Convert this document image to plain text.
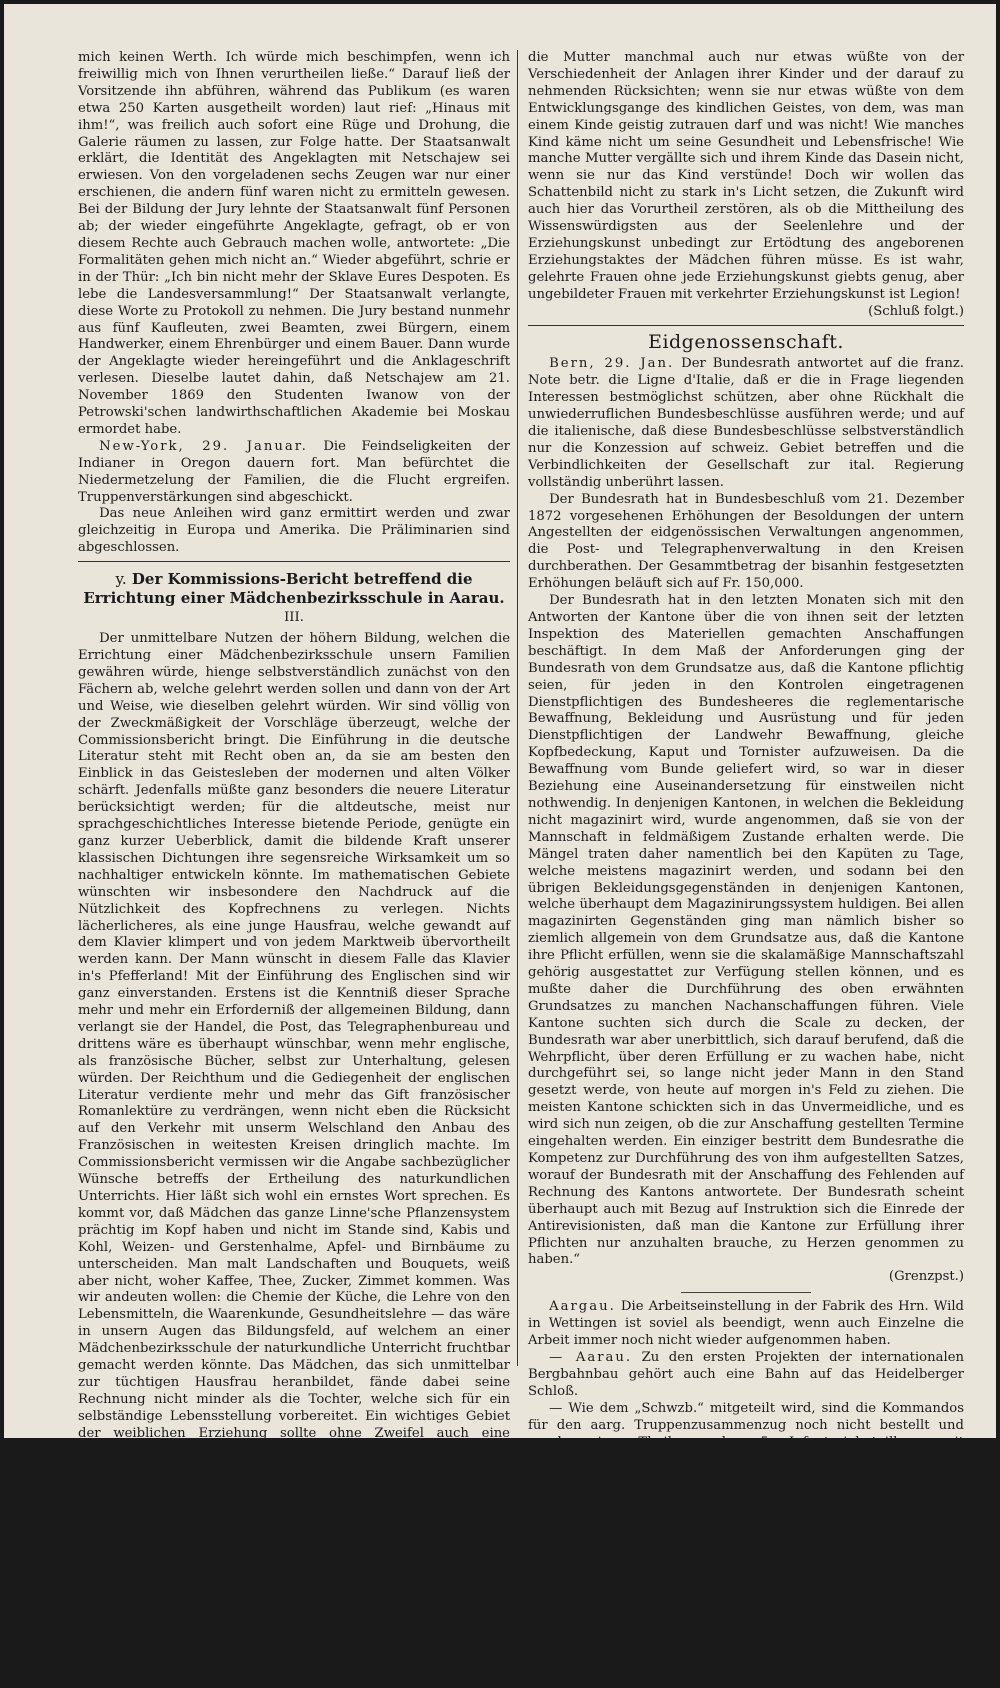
mich keinen Werth. Ich würde mich beschimpfen, wenn ich freiwillig mich von Ihnen verurtheilen ließe.“ Darauf ließ der Vorsitzende ihn abführen, während das Publikum (es waren etwa 250 Karten ausgetheilt worden) laut rief: „Hinaus mit ihm!“, was freilich auch sofort eine Rüge und Drohung, die Galerie räumen zu lassen, zur Folge hatte. Der Staatsanwalt erklärt, die Identität des Angeklagten mit Netschajew sei erwiesen. Von den vorgeladenen sechs Zeugen war nur einer erschienen, die andern fünf waren nicht zu ermitteln gewesen. Bei der Bildung der Jury lehnte der Staatsanwalt fünf Personen ab; der wieder eingeführte Angeklagte, gefragt, ob er von diesem Rechte auch Gebrauch machen wolle, antwortete: „Die Formalitäten gehen mich nicht an.“ Wieder abgeführt, schrie er in der Thür: „Ich bin nicht mehr der Sklave Eures Despoten. Es lebe die Landesversammlung!“ Der Staatsanwalt verlangte, diese Worte zu Protokoll zu nehmen. Die Jury bestand nunmehr aus fünf Kaufleuten, zwei Beamten, zwei Bürgern, einem Handwerker, einem Ehrenbürger und einem Bauer. Dann wurde der Angeklagte wieder hereingeführt und die Anklageschrift verlesen. Dieselbe lautet dahin, daß Netschajew am 21. November 1869 den Studenten Iwanow von der Petrowski'schen landwirthschaftlichen Akademie bei Moskau ermordet habe.

New-York, 29. Januar. Die Feindseligkeiten der Indianer in Oregon dauern fort. Man befürchtet die Niedermetzelung der Familien, die die Flucht ergreifen. Truppenverstärkungen sind abgeschickt.

Das neue Anleihen wird ganz ermittirt werden und zwar gleichzeitig in Europa und Amerika. Die Präliminarien sind abgeschlossen.

y. Der Kommissions-Bericht betreffend die Errichtung einer Mädchenbezirksschule in Aarau.
III.

Der unmittelbare Nutzen der höhern Bildung, welchen die Errichtung einer Mädchenbezirksschule unsern Familien gewähren würde, hienge selbstverständlich zunächst von den Fächern ab, welche gelehrt werden sollen und dann von der Art und Weise, wie dieselben gelehrt würden. Wir sind völlig von der Zweckmäßigkeit der Vorschläge überzeugt, welche der Commissionsbericht bringt. Die Einführung in die deutsche Literatur steht mit Recht oben an, da sie am besten den Einblick in das Geistesleben der modernen und alten Völker schärft. Jedenfalls müßte ganz besonders die neuere Literatur berücksichtigt werden; für die altdeutsche, meist nur sprachgeschichtliches Interesse bietende Periode, genügte ein ganz kurzer Ueberblick, damit die bildende Kraft unserer klassischen Dichtungen ihre segensreiche Wirksamkeit um so nachhaltiger entwickeln könnte. Im mathematischen Gebiete wünschten wir insbesondere den Nachdruck auf die Nützlichkeit des Kopfrechnens zu verlegen. Nichts lächerlicheres, als eine junge Hausfrau, welche gewandt auf dem Klavier klimpert und von jedem Marktweib übervortheilt werden kann. Der Mann wünscht in diesem Falle das Klavier in's Pfefferland! Mit der Einführung des Englischen sind wir ganz einverstanden. Erstens ist die Kenntniß dieser Sprache mehr und mehr ein Erforderniß der allgemeinen Bildung, dann verlangt sie der Handel, die Post, das Telegraphenbureau und drittens wäre es überhaupt wünschbar, wenn mehr englische, als französische Bücher, selbst zur Unterhaltung, gelesen würden. Der Reichthum und die Gediegenheit der englischen Literatur verdiente mehr und mehr das Gift französischer Romanlektüre zu verdrängen, wenn nicht eben die Rücksicht auf den Verkehr mit unserm Welschland den Anbau des Französischen in weitesten Kreisen dringlich machte. Im Commissionsbericht vermissen wir die Angabe sachbezüglicher Wünsche betreffs der Ertheilung des naturkundlichen Unterrichts. Hier läßt sich wohl ein ernstes Wort sprechen. Es kommt vor, daß Mädchen das ganze Linne'sche Pflanzensystem prächtig im Kopf haben und nicht im Stande sind, Kabis und Kohl, Weizen- und Gerstenhalme, Apfel- und Birnbäume zu unterscheiden. Man malt Landschaften und Bouquets, weiß aber nicht, woher Kaffee, Thee, Zucker, Zimmet kommen. Was wir andeuten wollen: die Chemie der Küche, die Lehre von den Lebensmitteln, die Waarenkunde, Gesundheitslehre — das wäre in unsern Augen das Bildungsfeld, auf welchem an einer Mädchenbezirksschule der naturkundliche Unterricht fruchtbar gemacht werden könnte. Das Mädchen, das sich unmittelbar zur tüchtigen Hausfrau heranbildet, fände dabei seine Rechnung nicht minder als die Tochter, welche sich für ein selbständige Lebensstellung vorbereitet. Ein wichtiges Gebiet der weiblichen Erziehung sollte ohne Zweifel auch eine Stellung in die Erziehungslehre sein. Man wendet freilich ein: die Kunst der Kindererziehung sei dem Weibe angeboren, brauche deßhalb nicht noch gelehrt zu werden. Aber wie viele Mißgriffe ließen sich vermeiden, wenn

die Mutter manchmal auch nur etwas wüßte von der Verschiedenheit der Anlagen ihrer Kinder und der darauf zu nehmenden Rücksichten; wenn sie nur etwas wüßte von dem Entwicklungsgange des kindlichen Geistes, von dem, was man einem Kinde geistig zutrauen darf und was nicht! Wie manches Kind käme nicht um seine Gesundheit und Lebensfrische! Wie manche Mutter vergällte sich und ihrem Kinde das Dasein nicht, wenn sie nur das Kind verstünde! Doch wir wollen das Schattenbild nicht zu stark in's Licht setzen, die Zukunft wird auch hier das Vorurtheil zerstören, als ob die Mittheilung des Wissenswürdigsten aus der Seelenlehre und der Erziehungskunst unbedingt zur Ertödtung des angeborenen Erziehungstaktes der Mädchen führen müsse. Es ist wahr, gelehrte Frauen ohne jede Erziehungskunst giebts genug, aber ungebildeter Frauen mit verkehrter Erziehungskunst ist Legion!

(Schluß folgt.)
Eidgenossenschaft.

Bern, 29. Jan. Der Bundesrath antwortet auf die franz. Note betr. die Ligne d'Italie, daß er die in Frage liegenden Interessen bestmöglichst schützen, aber ohne Rückhalt die unwiederruflichen Bundesbeschlüsse ausführen werde; und auf die italienische, daß diese Bundesbeschlüsse selbstverständlich nur die Konzession auf schweiz. Gebiet betreffen und die Verbindlichkeiten der Gesellschaft zur ital. Regierung vollständig unberührt lassen.

Der Bundesrath hat in Bundesbeschluß vom 21. Dezember 1872 vorgesehenen Erhöhungen der Besoldungen der untern Angestellten der eidgenössischen Verwaltungen angenommen, die Post- und Telegraphenverwaltung in den Kreisen durchberathen. Der Gesammtbetrag der bisanhin festgesetzten Erhöhungen beläuft sich auf Fr. 150,000.

Der Bundesrath hat in den letzten Monaten sich mit den Antworten der Kantone über die von ihnen seit der letzten Inspektion des Materiellen gemachten Anschaffungen beschäftigt. In dem Maß der Anforderungen ging der Bundesrath von dem Grundsatze aus, daß die Kantone pflichtig seien, für jeden in den Kontrolen eingetragenen Dienstpflichtigen des Bundesheeres die reglementarische Bewaffnung, Bekleidung und Ausrüstung und für jeden Dienstpflichtigen der Landwehr Bewaffnung, gleiche Kopfbedeckung, Kaput und Tornister aufzuweisen. Da die Bewaffnung vom Bunde geliefert wird, so war in dieser Beziehung eine Auseinandersetzung für einstweilen nicht nothwendig. In denjenigen Kantonen, in welchen die Bekleidung nicht magazinirt wird, wurde angenommen, daß sie von der Mannschaft in feldmäßigem Zustande erhalten werde. Die Mängel traten daher namentlich bei den Kapüten zu Tage, welche meistens magazinirt werden, und sodann bei den übrigen Bekleidungsgegenständen in denjenigen Kantonen, welche überhaupt dem Magazinirungssystem huldigen. Bei allen magazinirten Gegenständen ging man nämlich bisher so ziemlich allgemein von dem Grundsatze aus, daß die Kantone ihre Pflicht erfüllen, wenn sie die skalamäßige Mannschaftszahl gehörig ausgestattet zur Verfügung stellen können, und es mußte daher die Durchführung des oben erwähnten Grundsatzes zu manchen Nachanschaffungen führen. Viele Kantone suchten sich durch die Scale zu decken, der Bundesrath war aber unerbittlich, sich darauf berufend, daß die Wehrpflicht, über deren Erfüllung er zu wachen habe, nicht durchgeführt sei, so lange nicht jeder Mann in den Stand gesetzt werde, von heute auf morgen in's Feld zu ziehen. Die meisten Kantone schickten sich in das Unvermeidliche, und es wird sich nun zeigen, ob die zur Anschaffung gestellten Termine eingehalten werden. Ein einziger bestritt dem Bundesrathe die Kompetenz zur Durchführung des von ihm aufgestellten Satzes, worauf der Bundesrath mit der Anschaffung des Fehlenden auf Rechnung des Kantons antwortete. Der Bundesrath scheint überhaupt auch mit Bezug auf Instruktion sich die Einrede der Antirevisionisten, daß man die Kantone zur Erfüllung ihrer Pflichten nur anzuhalten brauche, zu Herzen genommen zu haben.“

(Grenzpst.)

Aargau. Die Arbeitseinstellung in der Fabrik des Hrn. Wild in Wettingen ist soviel als beendigt, wenn auch Einzelne die Arbeit immer noch nicht wieder aufgenommen haben.

— Aarau. Zu den ersten Projekten der internationalen Bergbahnbau gehört auch eine Bahn auf das Heidelberger Schloß.

— Wie dem „Schwzb.“ mitgeteilt wird, sind die Kommandos für den aarg. Truppenzusammenzug noch nicht bestellt und werde eine Theilung der 5 Infanteriebataillone mit entsprechenden Spezialwaffen in zwei Brigaden nicht stattfinden, sondern sämmtliche Truppen zu einer Uebungsbrigade vereinigt.

— Aarau. Der Postverkehr im Postkreise Aarau erzeigt für das Jahr 1872 ein Mehreinnehmen von Fr. 304,205, Fr. 19,359 mehr als im Jahr 1871. Das skalamäßige Betreffniß des Kantons ist nur Fr. 146,694, so daß sich zur Vertheilung an andere Kantone ein Ueberschuß von Fr. 157,511 ergibt.

Bern. Nach dem „Bund“ soll der Aktendieb des statistischen Bureau entdeckt und ein gewesener untergeordneter Angestellter im Bundesrathhause sein. Der Diebstahl wurde, wie es heißt, unternommen, um einem Frankfurter Lotteriegeschäft Adressen zu liefern! Vier Ballen befinden sich indessen noch in Bern vor.
